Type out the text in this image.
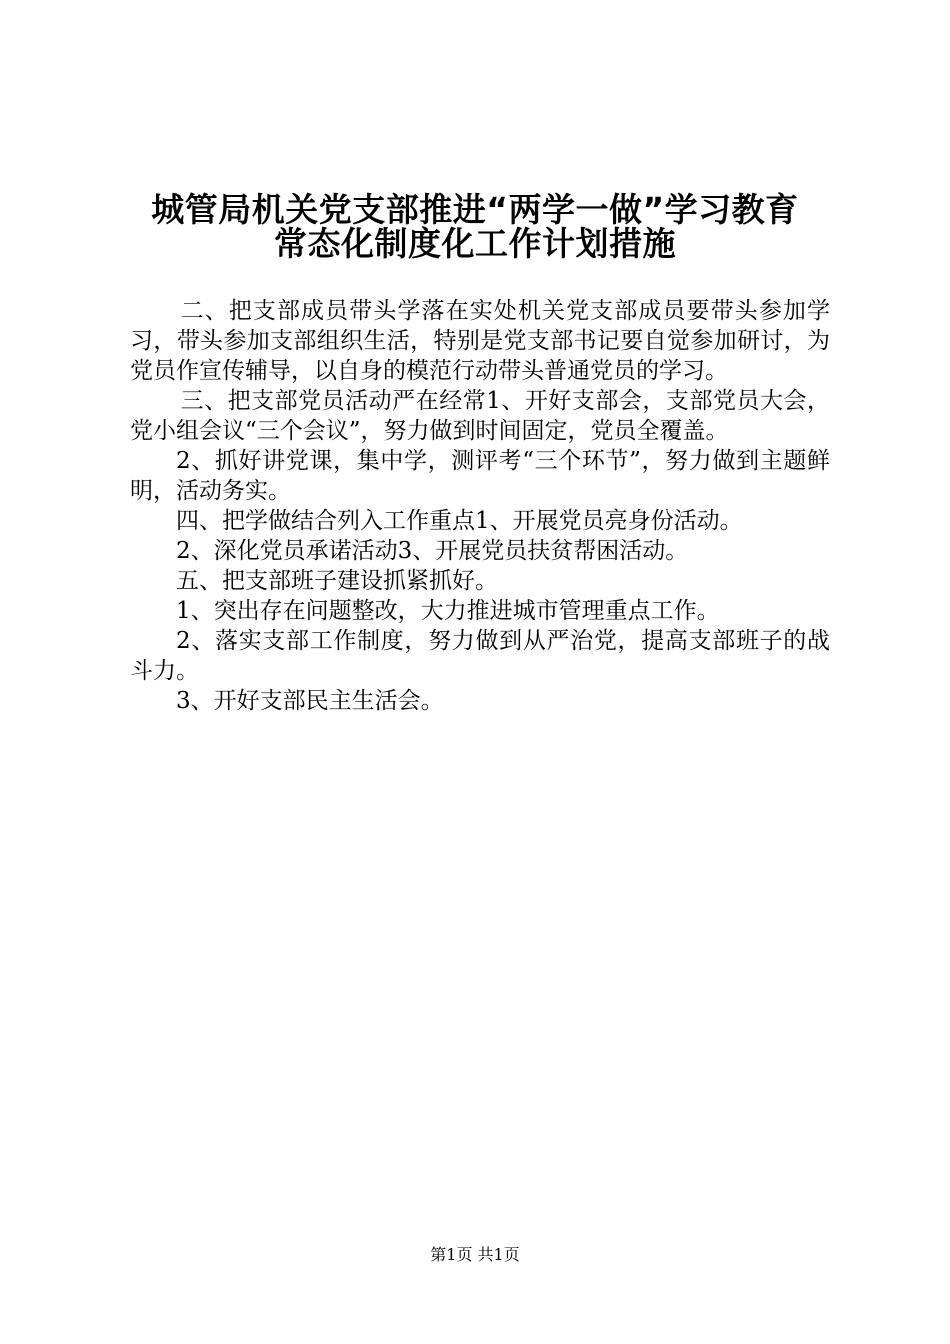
城管局机关党支部推进“两学一做”学习教育
常态化制度化工作计划措施

二、把支部成员带头学落在实处机关党支部成员要带头参加学习，带头参加支部组织生活，特别是党支部书记要自觉参加研讨，为党员作宣传辅导，以自身的模范行动带头普通党员的学习。

三、把支部党员活动严在经常1、开好支部会，支部党员大会，党小组会议“三个会议”，努力做到时间固定，党员全覆盖。

2、抓好讲党课，集中学，测评考“三个环节”，努力做到主题鲜明，活动务实。

四、把学做结合列入工作重点1、开展党员亮身份活动。

2、深化党员承诺活动3、开展党员扶贫帮困活动。

五、把支部班子建设抓紧抓好。

1、突出存在问题整改，大力推进城市管理重点工作。

2、落实支部工作制度，努力做到从严治党，提高支部班子的战斗力。

3、开好支部民主生活会。

第1页 共1页
